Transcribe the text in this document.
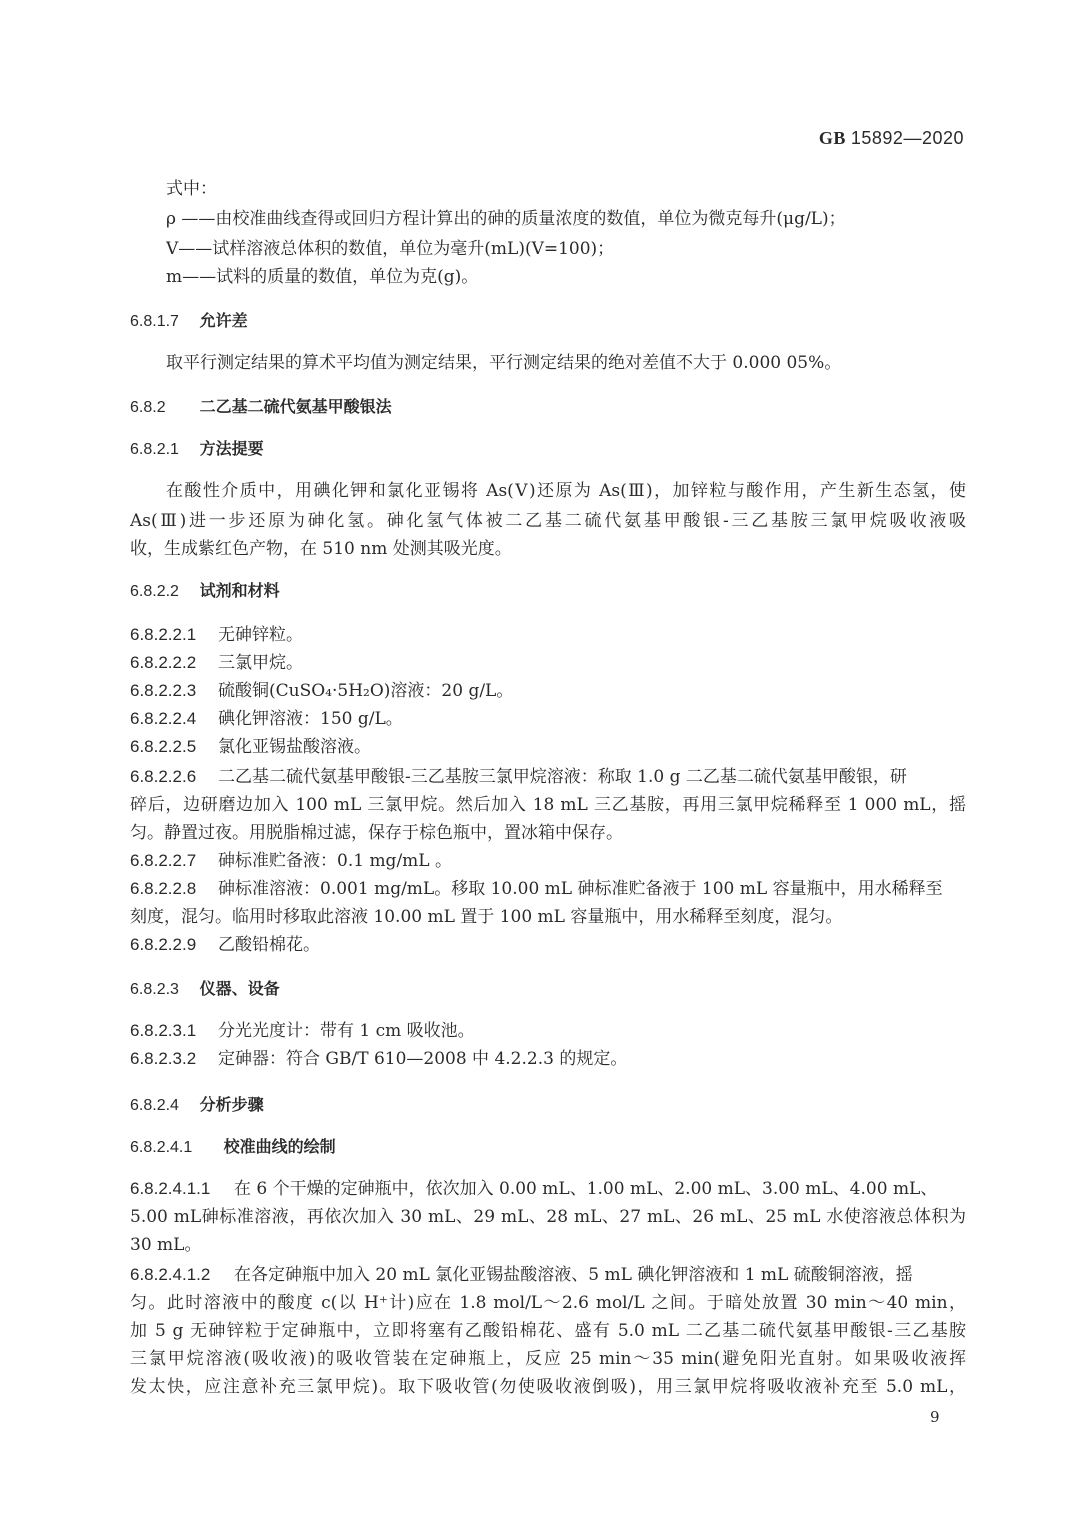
GB 15892—2020
式中：
ρ ——由校准曲线查得或回归方程计算出的砷的质量浓度的数值，单位为微克每升(μg/L)；
V——试样溶液总体积的数值，单位为毫升(mL)(V=100)；
m——试料的质量的数值，单位为克(g)。
6.8.1.7 允许差
取平行测定结果的算术平均值为测定结果，平行测定结果的绝对差值不大于 0.000 05%。
6.8.2 二乙基二硫代氨基甲酸银法
6.8.2.1 方法提要
在酸性介质中，用碘化钾和氯化亚锡将 As(Ⅴ)还原为 As(Ⅲ)，加锌粒与酸作用，产生新生态氢，使
As(Ⅲ)进一步还原为砷化氢。砷化氢气体被二乙基二硫代氨基甲酸银-三乙基胺三氯甲烷吸收液吸
收，生成紫红色产物，在 510 nm 处测其吸光度。
6.8.2.2 试剂和材料
6.8.2.2.1 无砷锌粒。
6.8.2.2.2 三氯甲烷。
6.8.2.2.3 硫酸铜(CuSO₄·5H₂O)溶液：20 g/L。
6.8.2.2.4 碘化钾溶液：150 g/L。
6.8.2.2.5 氯化亚锡盐酸溶液。
6.8.2.2.6 二乙基二硫代氨基甲酸银-三乙基胺三氯甲烷溶液：称取 1.0 g 二乙基二硫代氨基甲酸银，研
碎后，边研磨边加入 100 mL 三氯甲烷。然后加入 18 mL 三乙基胺，再用三氯甲烷稀释至 1 000 mL，摇
匀。静置过夜。用脱脂棉过滤，保存于棕色瓶中，置冰箱中保存。
6.8.2.2.7 砷标准贮备液：0.1 mg/mL 。
6.8.2.2.8 砷标准溶液：0.001 mg/mL。移取 10.00 mL 砷标准贮备液于 100 mL 容量瓶中，用水稀释至
刻度，混匀。临用时移取此溶液 10.00 mL 置于 100 mL 容量瓶中，用水稀释至刻度，混匀。
6.8.2.2.9 乙酸铅棉花。
6.8.2.3 仪器、设备
6.8.2.3.1 分光光度计：带有 1 cm 吸收池。
6.8.2.3.2 定砷器：符合 GB/T 610—2008 中 4.2.2.3 的规定。
6.8.2.4 分析步骤
6.8.2.4.1 校准曲线的绘制
6.8.2.4.1.1 在 6 个干燥的定砷瓶中，依次加入 0.00 mL、1.00 mL、2.00 mL、3.00 mL、4.00 mL、
5.00 mL砷标准溶液，再依次加入 30 mL、29 mL、28 mL、27 mL、26 mL、25 mL 水使溶液总体积为
30 mL。
6.8.2.4.1.2 在各定砷瓶中加入 20 mL 氯化亚锡盐酸溶液、5 mL 碘化钾溶液和 1 mL 硫酸铜溶液，摇
匀。此时溶液中的酸度 c(以 H⁺计)应在 1.8 mol/L～2.6 mol/L 之间。于暗处放置 30 min～40 min，
加 5 g 无砷锌粒于定砷瓶中，立即将塞有乙酸铅棉花、盛有 5.0 mL 二乙基二硫代氨基甲酸银-三乙基胺
三氯甲烷溶液(吸收液)的吸收管装在定砷瓶上，反应 25 min～35 min(避免阳光直射。如果吸收液挥
发太快，应注意补充三氯甲烷)。取下吸收管(勿使吸收液倒吸)，用三氯甲烷将吸收液补充至 5.0 mL，
9
